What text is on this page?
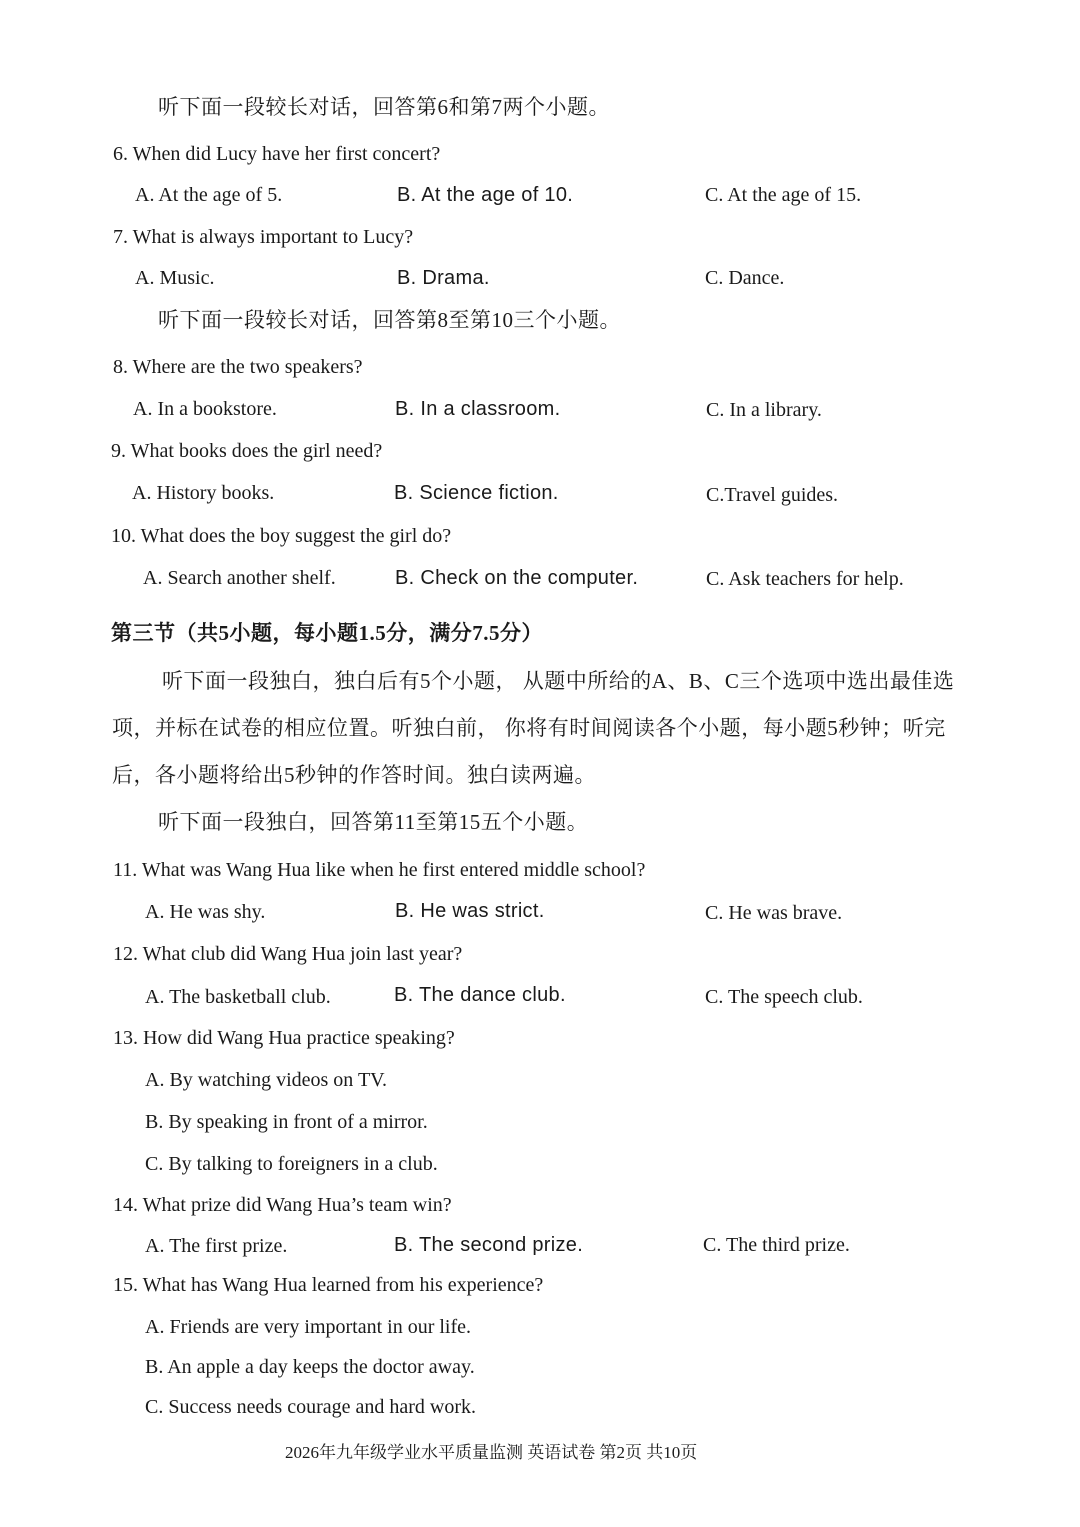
听下面一段较长对话，回答第6和第7两个小题。
6. When did Lucy have her first concert?
A. At the age of 5.	B. At the age of 10.	C. At the age of 15.
7. What is always important to Lucy?
A. Music.	B. Drama.	C. Dance.
听下面一段较长对话，回答第8至第10三个小题。
8. Where are the two speakers?
A. In a bookstore.	B. In a classroom.	C. In a library.
9. What books does the girl need?
A. History books.	B. Science fiction.	C.Travel guides.
10. What does the boy suggest the girl do?
A. Search another shelf.	B. Check on the computer.	C. Ask teachers for help.
第三节（共5小题，每小题1.5分，满分7.5分）
听下面一段独白，独白后有5个小题， 从题中所给的A、B、C三个选项中选出最佳选
项，并标在试卷的相应位置。听独白前， 你将有时间阅读各个小题，每小题5秒钟；听完
后，各小题将给出5秒钟的作答时间。独白读两遍。
听下面一段独白，回答第11至第15五个小题。
11. What was Wang Hua like when he first entered middle school?
A. He was shy.	B. He was strict.	C. He was brave.
12. What club did Wang Hua join last year?
A. The basketball club.	B. The dance club.	C. The speech club.
13. How did Wang Hua practice speaking?
A. By watching videos on TV.
B. By speaking in front of a mirror.
C. By talking to foreigners in a club.
14. What prize did Wang Hua’s team win?
A. The first prize.	B. The second prize.	C. The third prize.
15. What has Wang Hua learned from his experience?
A. Friends are very important in our life.
B. An apple a day keeps the doctor away.
C. Success needs courage and hard work.
2026年九年级学业水平质量监测 英语试卷 第2页 共10页
